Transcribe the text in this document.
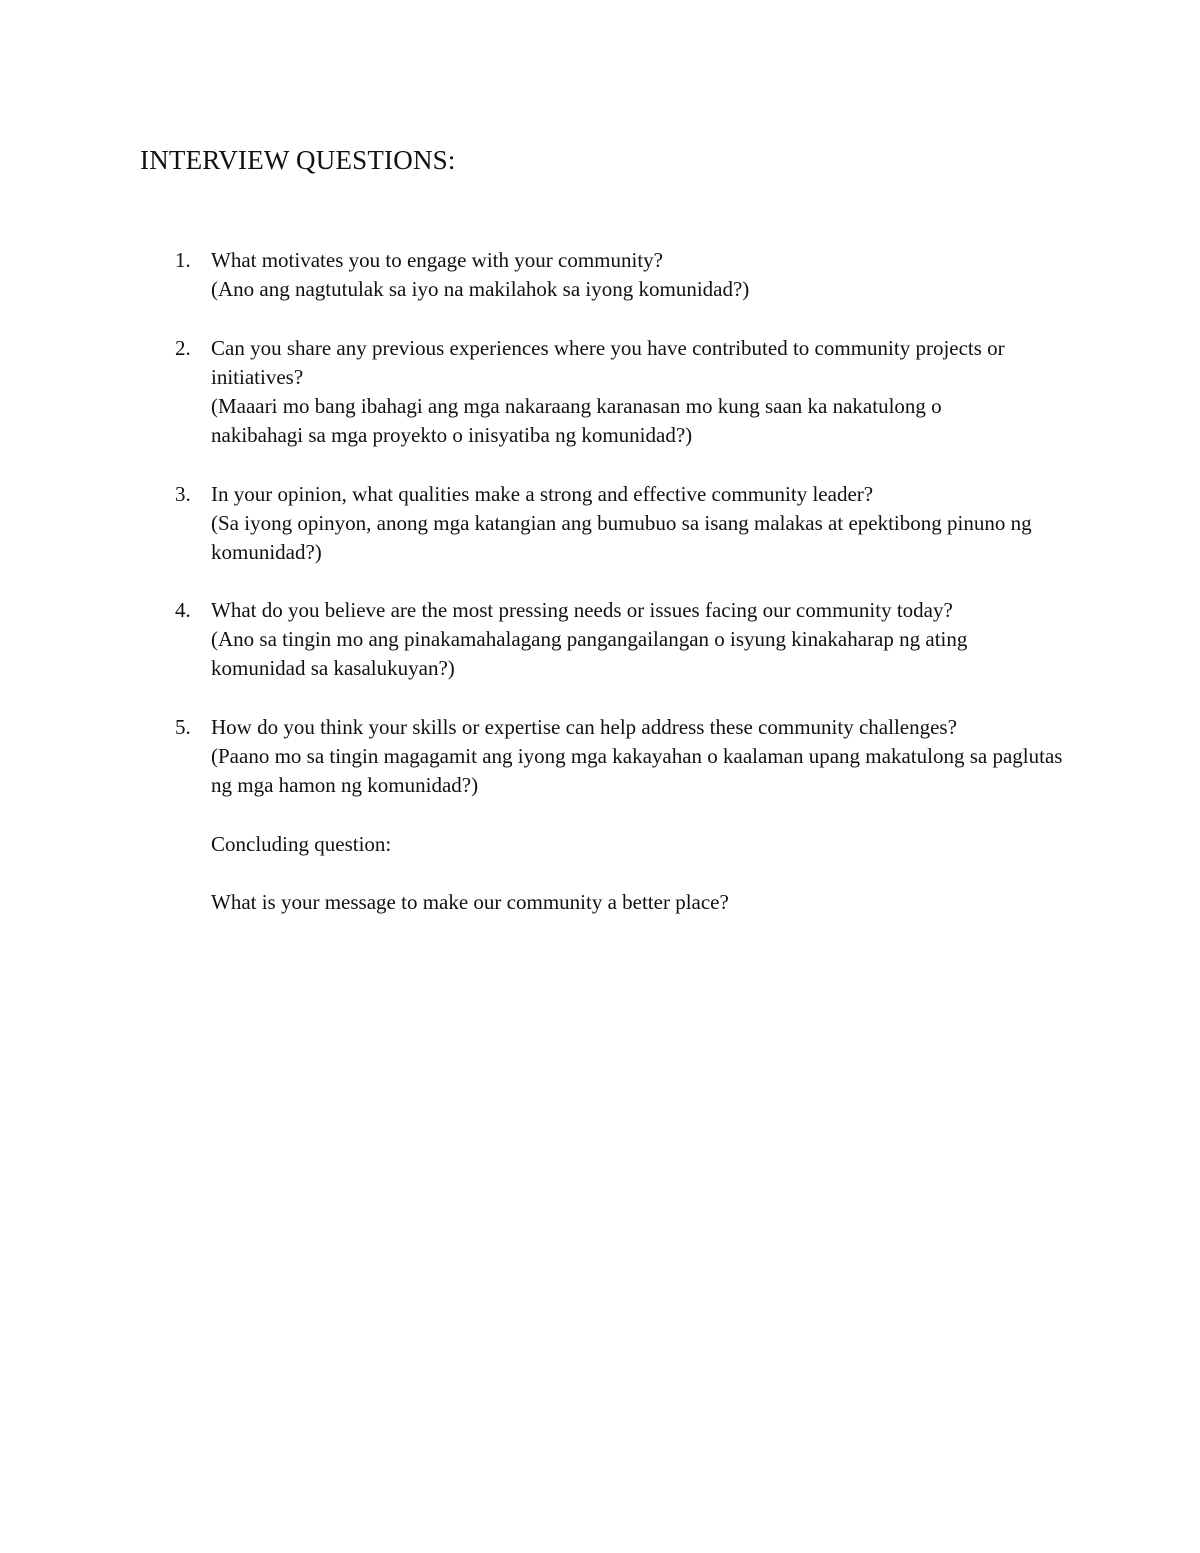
INTERVIEW QUESTIONS:
1. What motivates you to engage with your community?

(Ano ang nagtutulak sa iyo na makilahok sa iyong komunidad?)

2. Can you share any previous experiences where you have contributed to community projects or initiatives?

(Maaari mo bang ibahagi ang mga nakaraang karanasan mo kung saan ka nakatulong o nakibahagi sa mga proyekto o inisyatiba ng komunidad?)

3. In your opinion, what qualities make a strong and effective community leader?

(Sa iyong opinyon, anong mga katangian ang bumubuo sa isang malakas at epektibong pinuno ng komunidad?)

4. What do you believe are the most pressing needs or issues facing our community today?

(Ano sa tingin mo ang pinakamahalagang pangangailangan o isyung kinakaharap ng ating komunidad sa kasalukuyan?)

5. How do you think your skills or expertise can help address these community challenges?

(Paano mo sa tingin magagamit ang iyong mga kakayahan o kaalaman upang makatulong sa paglutas ng mga hamon ng komunidad?)

Concluding question:
What is your message to make our community a better place?
